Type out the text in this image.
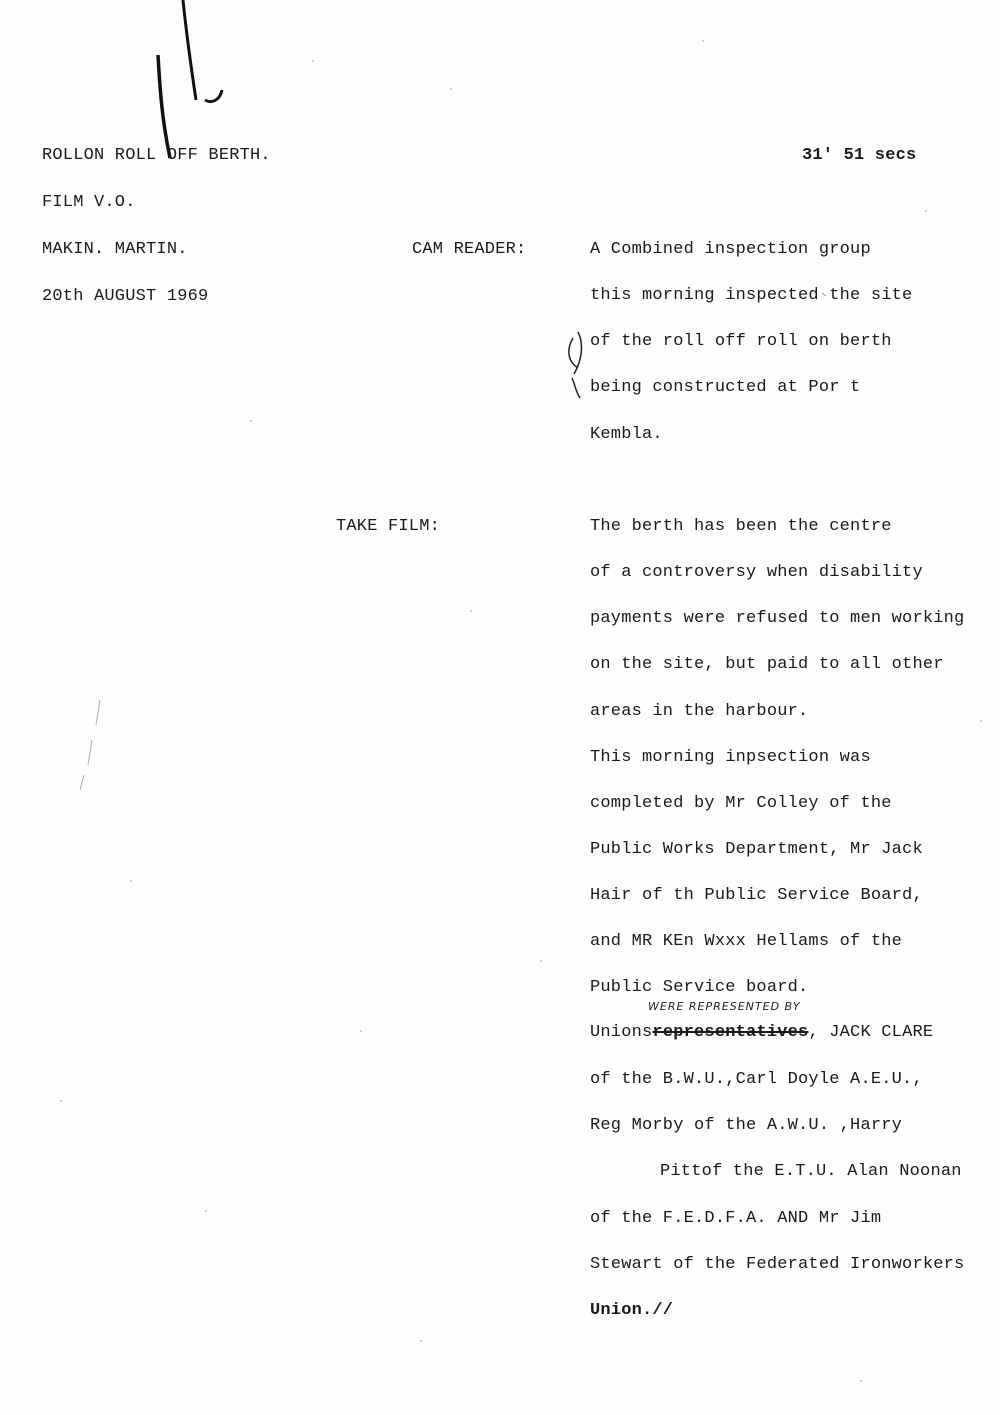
ROLLON ROLL OFF BERTH.	31' 51 secs
FILM V.O.
MAKIN. MARTIN.
20th AUGUST 1969
CAM READER:
TAKE FILM:
A Combined inspection group
this morning inspected the site
of the roll off roll on berth
being constructed at Por t
Kembla.
The berth has been the centre
of a controversy when disability
payments were refused to men working
on the site, but paid to all other
areas in the harbour.
This morning inpsection was
completed by Mr Colley of the
Public Works Department, Mr Jack
Hair of th Public Service Board,
and MR KEn Wxxx Hellams of the
Public Service board.
WERE REPRESENTED BY
Unionsrepresentatives, JACK CLARE
of the B.W.U.,Carl Doyle A.E.U.,
Reg Morby of the A.W.U. ,Harry
Pittof the E.T.U. Alan Noonan
of the F.E.D.F.A. AND Mr Jim
Stewart of the Federated Ironworkers
Union.//
